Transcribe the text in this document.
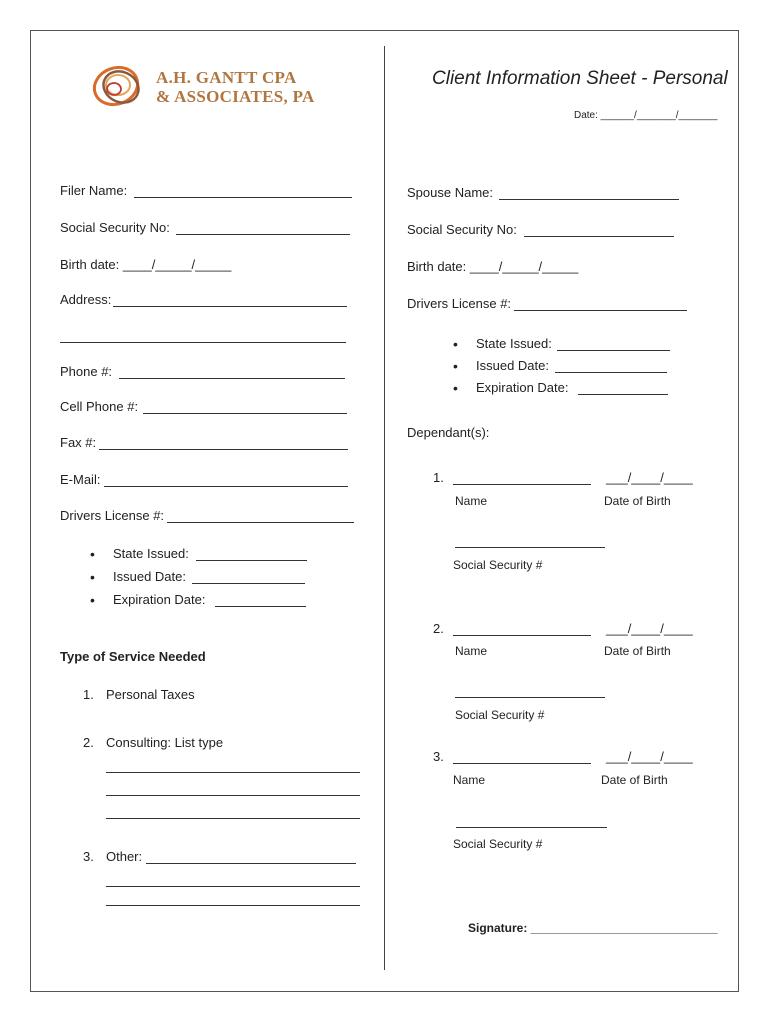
A.H. GANTT CPA
& ASSOCIATES, PA
Client Information Sheet - Personal
Date: ______/_______/_______
Filer Name:
Social Security No:
Birth date: ____/_____/_____
Address:
Phone #:
Cell Phone #:
Fax #:
E-Mail:
Drivers License #:
• State Issued:
• Issued Date:
• Expiration Date:
Type of Service Needed
1. Personal Taxes
2. Consulting: List type
3. Other:
Spouse Name:
Social Security No:
Birth date: ____/_____/_____
Drivers License #:
• State Issued:
• Issued Date:
• Expiration Date:
Dependant(s):
1.	___/____/____
Name	Date of Birth
Social Security #
2.	___/____/____
Name	Date of Birth
Social Security #
3.	___/____/____
Name	Date of Birth
Social Security #
Signature: ____________________________
